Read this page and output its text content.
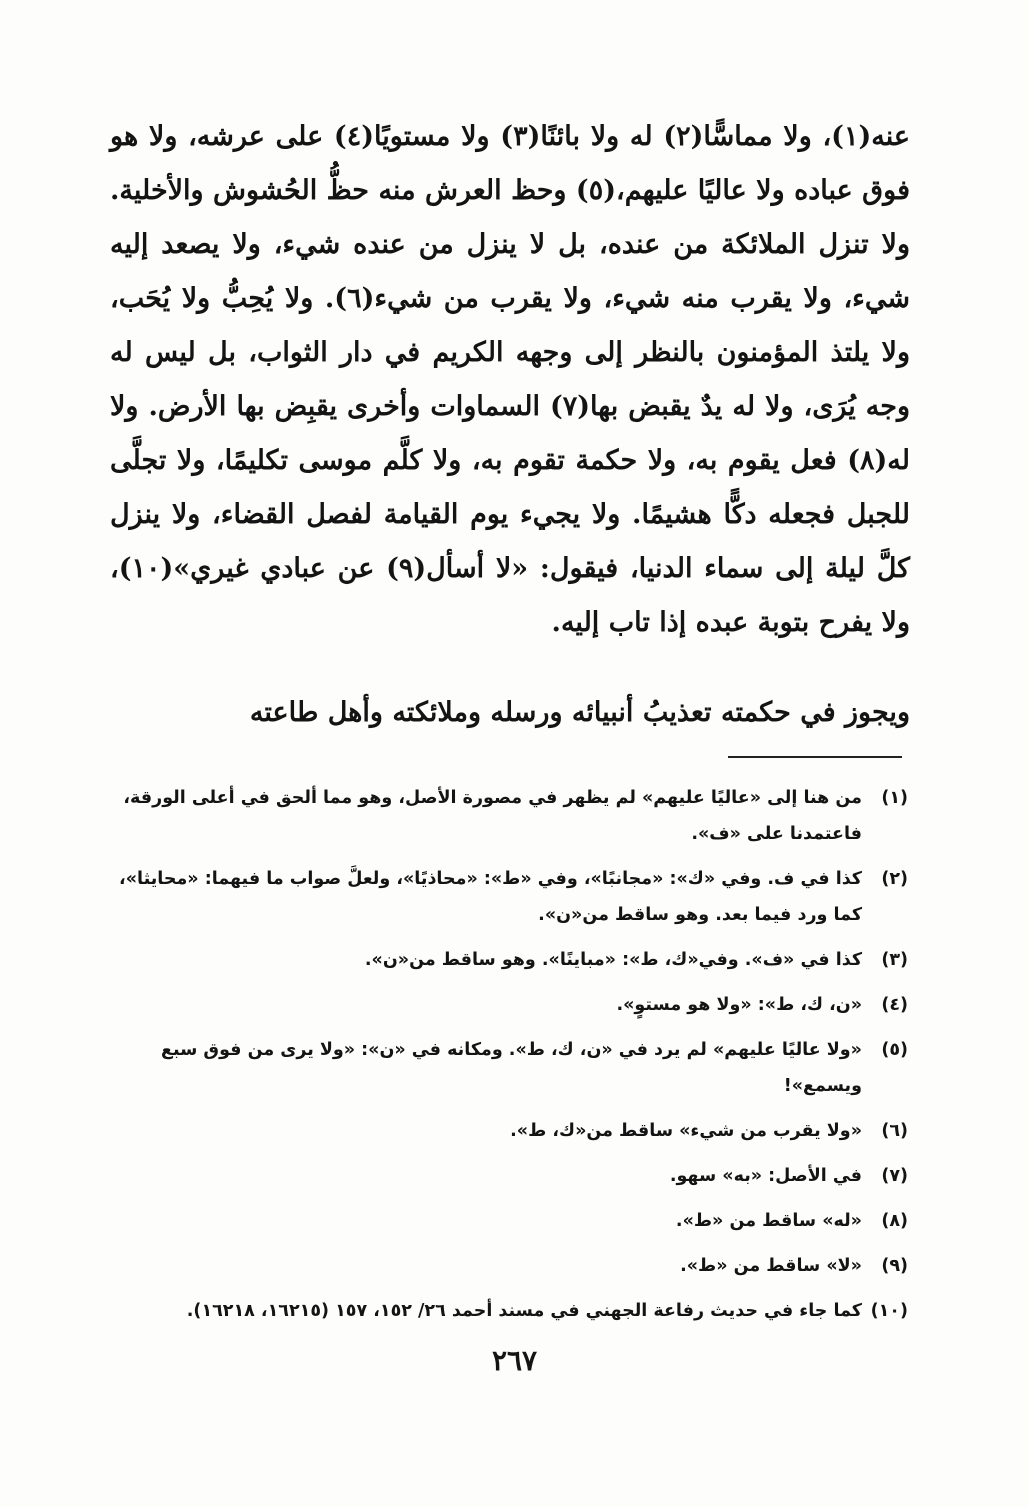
عنه(١)، ولا مماسًّا(٢) له ولا بائنًا(٣) ولا مستويًا(٤) على عرشه، ولا هو فوق عباده ولا عاليًا عليهم،(٥) وحظ العرش منه حظُّ الحُشوش والأخلية. ولا تنزل الملائكة من عنده، بل لا ينزل من عنده شيء، ولا يصعد إليه شيء، ولا يقرب منه شيء، ولا يقرب من شيء(٦). ولا يُحِبُّ ولا يُحَب، ولا يلتذ المؤمنون بالنظر إلى وجهه الكريم في دار الثواب، بل ليس له وجه يُرَى، ولا له يدٌ يقبض بها(٧) السماوات وأخرى يقبِض بها الأرض. ولا له(٨) فعل يقوم به، ولا حكمة تقوم به، ولا كلَّم موسى تكليمًا، ولا تجلَّى للجبل فجعله دكًّا هشيمًا. ولا يجيء يوم القيامة لفصل القضاء، ولا ينزل كلَّ ليلة إلى سماء الدنيا، فيقول: «لا أسأل(٩) عن عبادي غيري»(١٠)، ولا يفرح بتوبة عبده إذا تاب إليه.

ويجوز في حكمته تعذيبُ أنبيائه ورسله وملائكته وأهل طاعته

(١)
من هنا إلى «عاليًا عليهم» لم يظهر في مصورة الأصل، وهو مما ألحق في أعلى الورقة، فاعتمدنا على «ف».
(٢)
كذا في ف. وفي «ك»: «مجانبًا»، وفي «ط»: «محاذيًا»، ولعلَّ صواب ما فيهما: «محايثا»، كما ورد فيما بعد. وهو ساقط من«ن».
(٣)
كذا في «ف». وفي«ك، ط»: «مباينًا». وهو ساقط من«ن».
(٤)
«ن، ك، ط»: «ولا هو مستوٍ».
(٥)
«ولا عاليًا عليهم» لم يرد في «ن، ك، ط». ومكانه في «ن»: «ولا يرى من فوق سبع ويسمع»!
(٦)
«ولا يقرب من شيء» ساقط من«ك، ط».
(٧)
في الأصل: «به» سهو.
(٨)
«له» ساقط من «ط».
(٩)
«لا» ساقط من «ط».
(١٠)
كما جاء في حديث رفاعة الجهني في مسند أحمد ٢٦/ ١٥٢، ١٥٧ (١٦٢١٥، ١٦٢١٨).
٢٦٧
